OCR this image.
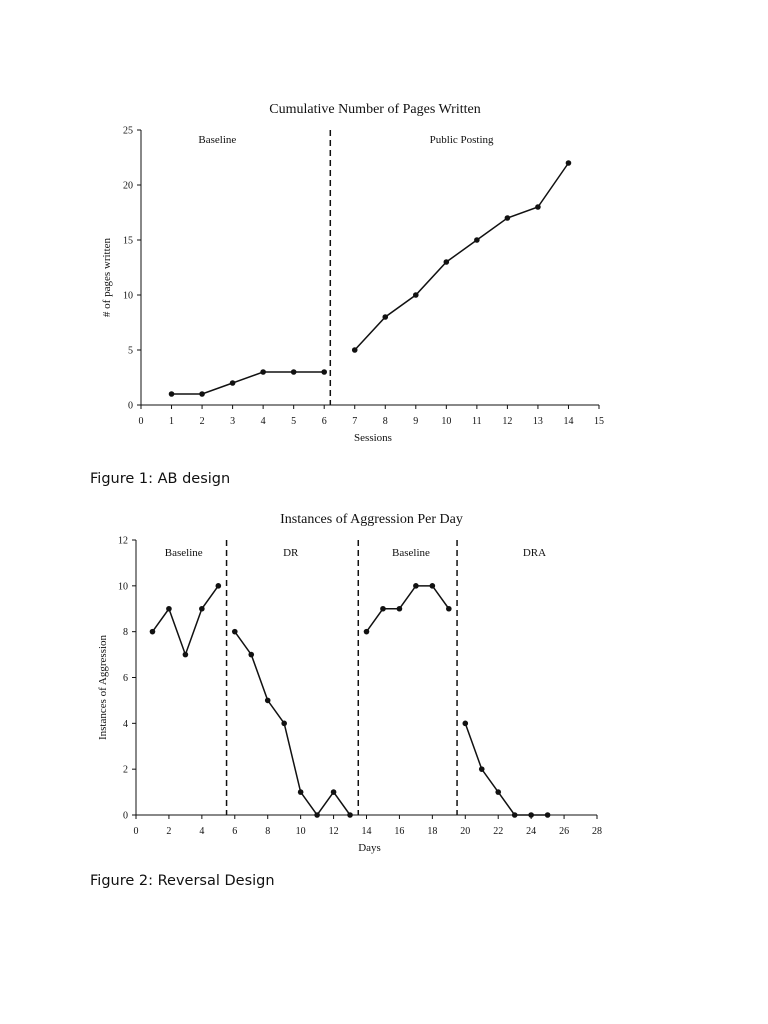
Cumulative Number of Pages Written
0
5
10
15
20
25
0	1	2	3	4	5	6	7	8	9 10 11 12 13 14 15
Sessions
# of pages written
Baseline	Public Posting
Figure 1: AB design
Instances of Aggression Per Day
0
2
4
6
8
10
12
0	2	4	6	8	10 12 14 16 18 20 22 24 26 28
Days
Instances of Aggression
Baseline	DR	Baseline	DRA
Figure 2: Reversal Design
